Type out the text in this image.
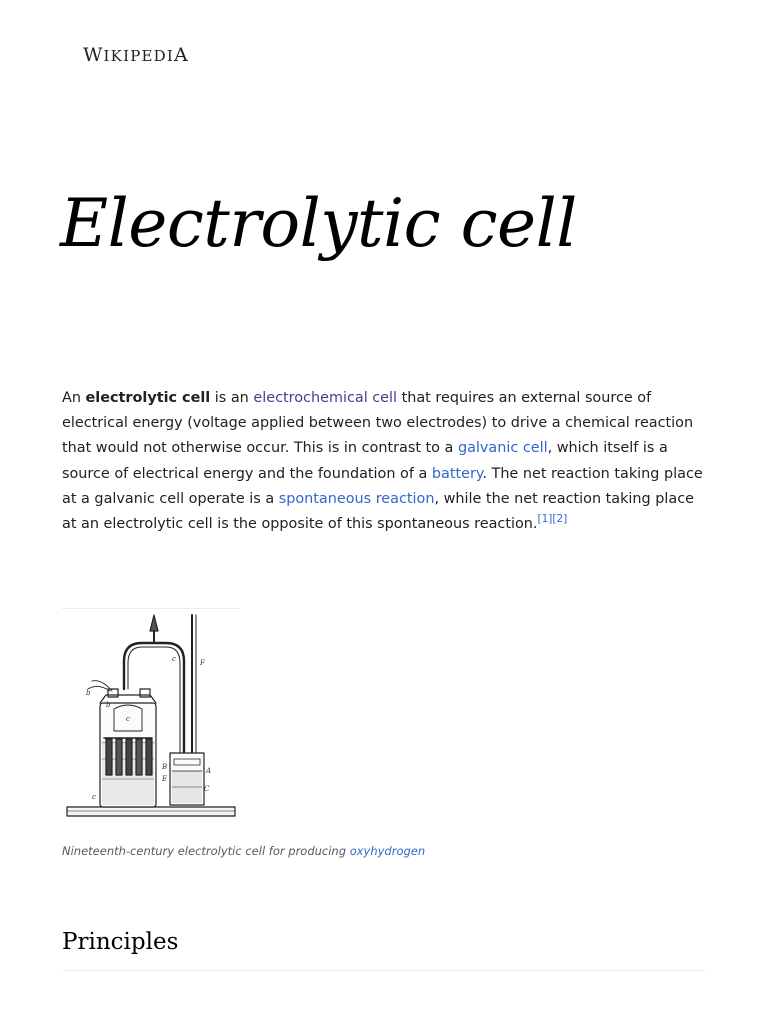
WIKIPEDIA
Electrolytic cell

An electrolytic cell is an electrochemical cell that requires an external source of electrical energy (voltage applied between two electrodes) to drive a chemical reaction that would not otherwise occur. This is in contrast to a galvanic cell, which itself is a source of electrical energy and the foundation of a battery. The net reaction taking place at a galvanic cell operate is a spontaneous reaction, while the net reaction taking place at an electrolytic cell is the opposite of this spontaneous reaction.[1][2]

c
c	F
B
E
A
C
b
b
c

Nineteenth-century electrolytic cell for producing oxyhydrogen

Principles
